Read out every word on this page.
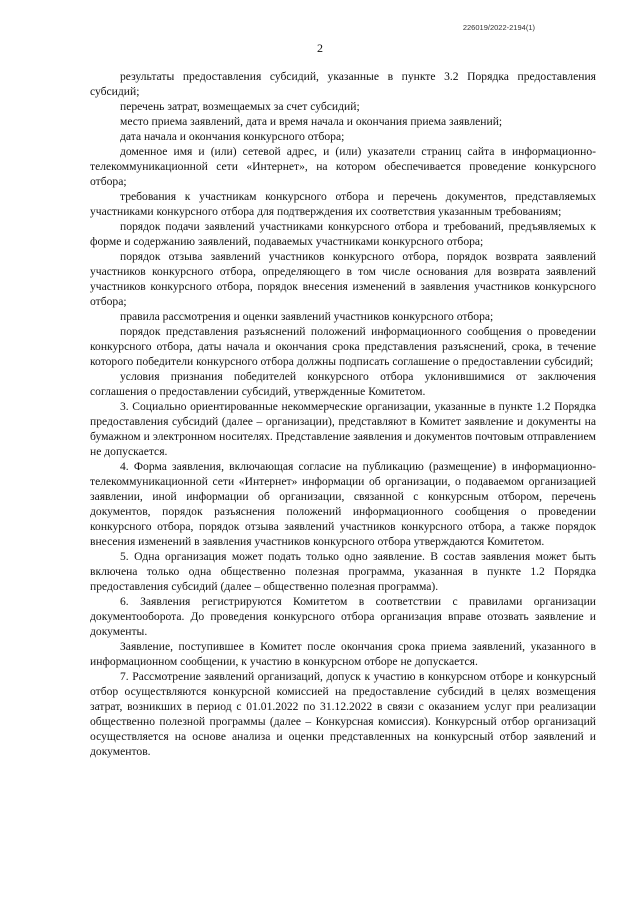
226019/2022-2194(1)
2

результаты предоставления субсидий, указанные в пункте 3.2 Порядка предоставления субсидий;

перечень затрат, возмещаемых за счет субсидий;

место приема заявлений, дата и время начала и окончания приема заявлений;

дата начала и окончания конкурсного отбора;

доменное имя и (или) сетевой адрес, и (или) указатели страниц сайта в информационно-телекоммуникационной сети «Интернет», на котором обеспечивается проведение конкурсного отбора;

требования к участникам конкурсного отбора и перечень документов, представляемых участниками конкурсного отбора для подтверждения их соответствия указанным требованиям;

порядок подачи заявлений участниками конкурсного отбора и требований, предъявляемых к форме и содержанию заявлений, подаваемых участниками конкурсного отбора;

порядок отзыва заявлений участников конкурсного отбора, порядок возврата заявлений участников конкурсного отбора, определяющего в том числе основания для возврата заявлений участников конкурсного отбора, порядок внесения изменений в заявления участников конкурсного отбора;

правила рассмотрения и оценки заявлений участников конкурсного отбора;

порядок представления разъяснений положений информационного сообщения о проведении конкурсного отбора, даты начала и окончания срока представления разъяснений, срока, в течение которого победители конкурсного отбора должны подписать соглашение о предоставлении субсидий;

условия признания победителей конкурсного отбора уклонившимися от заключения соглашения о предоставлении субсидий, утвержденные Комитетом.

3. Социально ориентированные некоммерческие организации, указанные в пункте 1.2 Порядка предоставления субсидий (далее – организации), представляют в Комитет заявление и документы на бумажном и электронном носителях. Представление заявления и документов почтовым отправлением не допускается.

4. Форма заявления, включающая согласие на публикацию (размещение) в информационно-телекоммуникационной сети «Интернет» информации об организации, о подаваемом организацией заявлении, иной информации об организации, связанной с конкурсным отбором, перечень документов, порядок разъяснения положений информационного сообщения о проведении конкурсного отбора, порядок отзыва заявлений участников конкурсного отбора, а также порядок внесения изменений в заявления участников конкурсного отбора утверждаются Комитетом.

5. Одна организация может подать только одно заявление. В состав заявления может быть включена только одна общественно полезная программа, указанная в пункте 1.2 Порядка предоставления субсидий (далее – общественно полезная программа).

6. Заявления регистрируются Комитетом в соответствии с правилами организации документооборота. До проведения конкурсного отбора организация вправе отозвать заявление и документы.

Заявление, поступившее в Комитет после окончания срока приема заявлений, указанного в информационном сообщении, к участию в конкурсном отборе не допускается.

7. Рассмотрение заявлений организаций, допуск к участию в конкурсном отборе и конкурсный отбор осуществляются конкурсной комиссией на предоставление субсидий в целях возмещения затрат, возникших в период с 01.01.2022 по 31.12.2022 в связи с оказанием услуг при реализации общественно полезной программы (далее – Конкурсная комиссия). Конкурсный отбор организаций осуществляется на основе анализа и оценки представленных на конкурсный отбор заявлений и документов.
